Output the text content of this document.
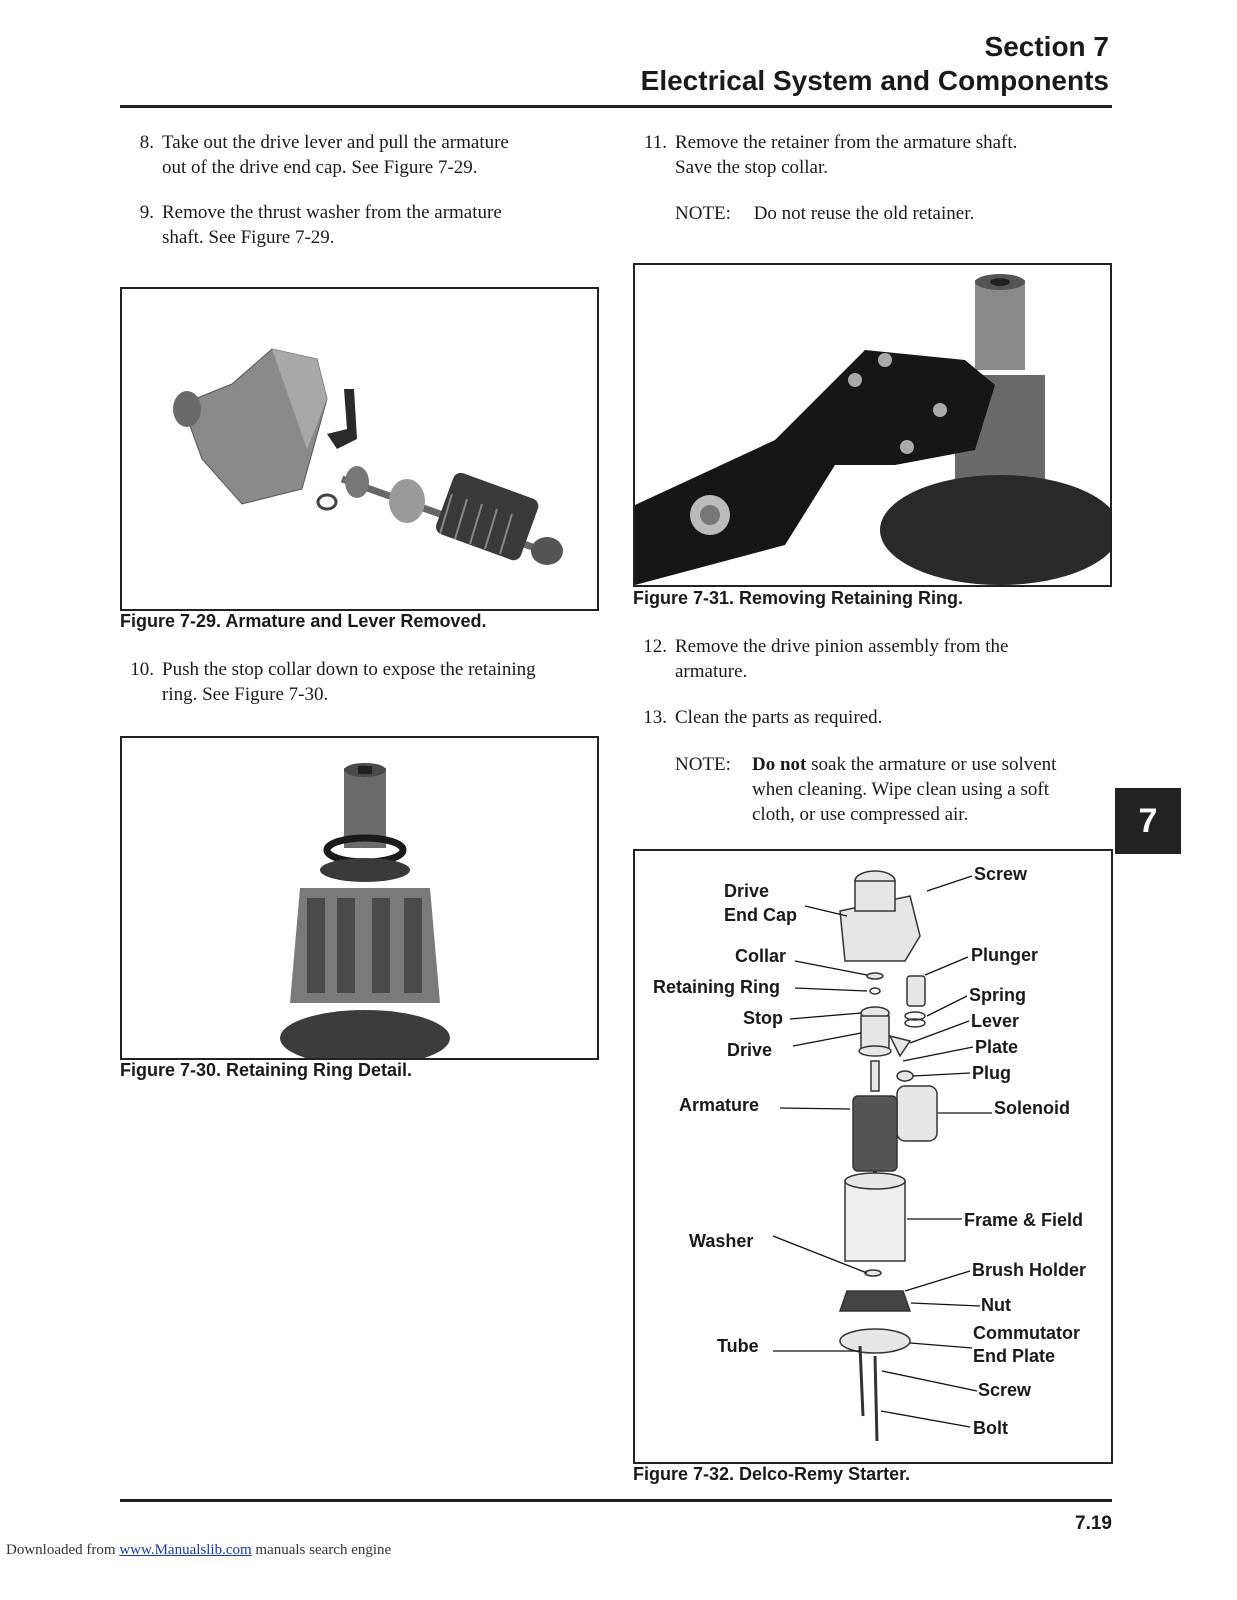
Section 7
Electrical System and Components
8. Take out the drive lever and pull the armature
out of the drive end cap. See Figure 7-29.
9. Remove the thrust washer from the armature
shaft. See Figure 7-29.
Figure 7-29. Armature and Lever Removed.
10. Push the stop collar down to expose the retaining
ring. See Figure 7-30.
Figure 7-30. Retaining Ring Detail.
11. Remove the retainer from the armature shaft.
Save the stop collar.
NOTE: Do not reuse the old retainer.
Figure 7-31. Removing Retaining Ring.
12. Remove the drive pinion assembly from the
armature.
13. Clean the parts as required.
NOTE: Do not soak the armature or use solvent
when cleaning. Wipe clean using a soft
cloth, or use compressed air.	7
Drive
End Cap
Collar
Retaining Ring
Stop
Drive
Armature
Washer
Tube
Screw
Plunger
Spring
Lever
Plate
Plug
Solenoid
Frame & Field
Brush Holder
Nut
Commutator
End Plate
Screw
Bolt
Figure 7-32. Delco-Remy Starter.
7.19
Downloaded from www.Manualslib.com manuals search engine
